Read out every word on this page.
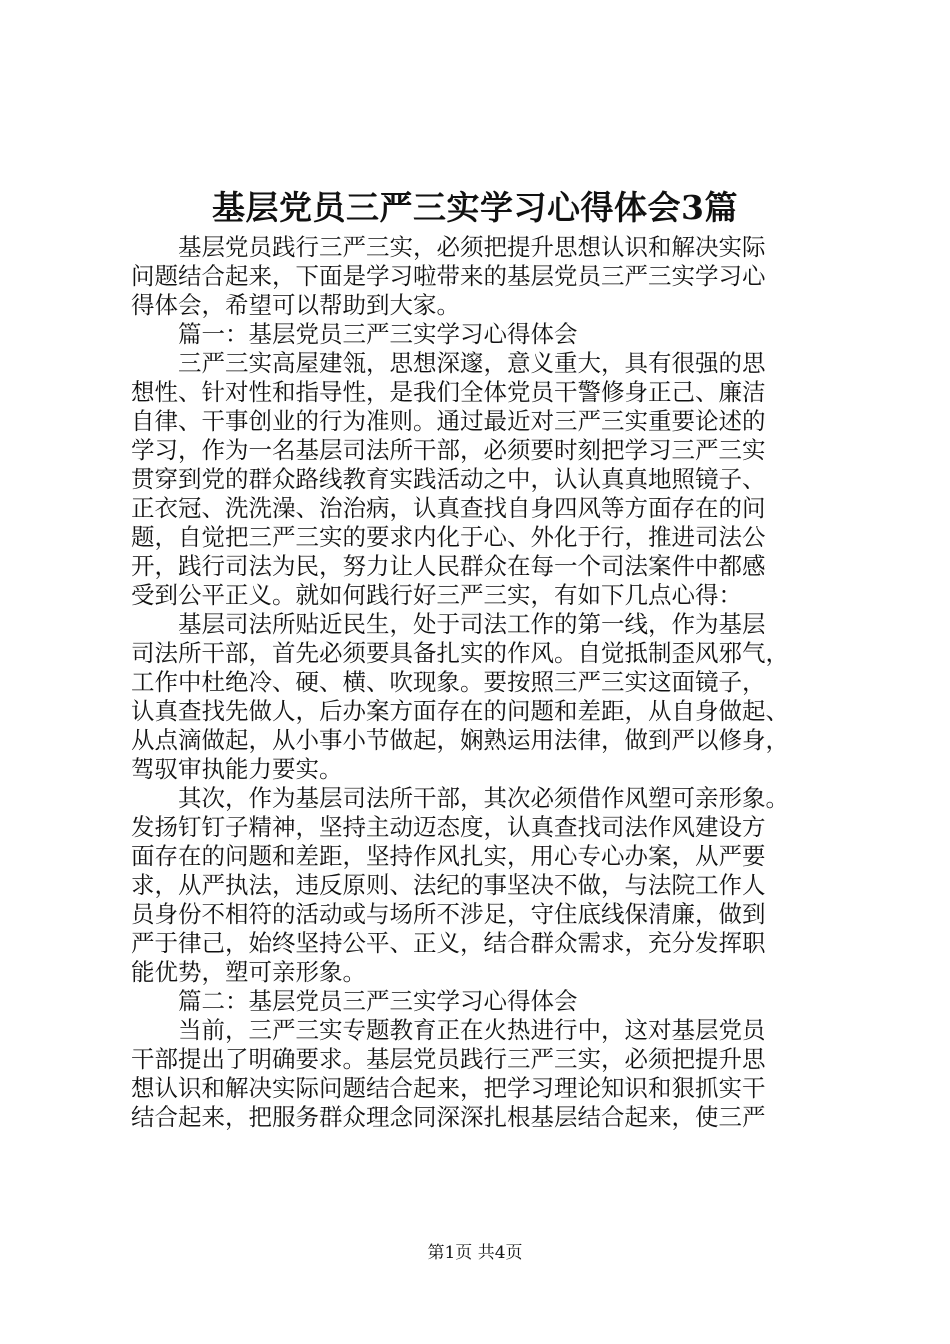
基层党员三严三实学习心得体会3篇

基层党员践行三严三实，必须把提升思想认识和解决实际
问题结合起来，下面是学习啦带来的基层党员三严三实学习心
得体会，希望可以帮助到大家。

篇一：基层党员三严三实学习心得体会

三严三实高屋建瓴，思想深邃，意义重大，具有很强的思
想性、针对性和指导性，是我们全体党员干警修身正己、廉洁
自律、干事创业的行为准则。通过最近对三严三实重要论述的
学习，作为一名基层司法所干部，必须要时刻把学习三严三实
贯穿到党的群众路线教育实践活动之中，认认真真地照镜子、
正衣冠、洗洗澡、治治病，认真查找自身四风等方面存在的问
题，自觉把三严三实的要求内化于心、外化于行，推进司法公
开，践行司法为民，努力让人民群众在每一个司法案件中都感
受到公平正义。就如何践行好三严三实，有如下几点心得：

基层司法所贴近民生，处于司法工作的第一线，作为基层
司法所干部，首先必须要具备扎实的作风。自觉抵制歪风邪气，
工作中杜绝冷、硬、横、吹现象。要按照三严三实这面镜子，
认真查找先做人，后办案方面存在的问题和差距，从自身做起、
从点滴做起，从小事小节做起，娴熟运用法律，做到严以修身，
驾驭审执能力要实。

其次，作为基层司法所干部，其次必须借作风塑可亲形象。
发扬钉钉子精神，坚持主动迈态度，认真查找司法作风建设方
面存在的问题和差距，坚持作风扎实，用心专心办案，从严要
求，从严执法，违反原则、法纪的事坚决不做，与法院工作人
员身份不相符的活动或与场所不涉足，守住底线保清廉，做到
严于律己，始终坚持公平、正义，结合群众需求，充分发挥职
能优势，塑可亲形象。

篇二：基层党员三严三实学习心得体会

当前，三严三实专题教育正在火热进行中，这对基层党员
干部提出了明确要求。基层党员践行三严三实，必须把提升思
想认识和解决实际问题结合起来，把学习理论知识和狠抓实干
结合起来，把服务群众理念同深深扎根基层结合起来，使三严

第1页 共4页
